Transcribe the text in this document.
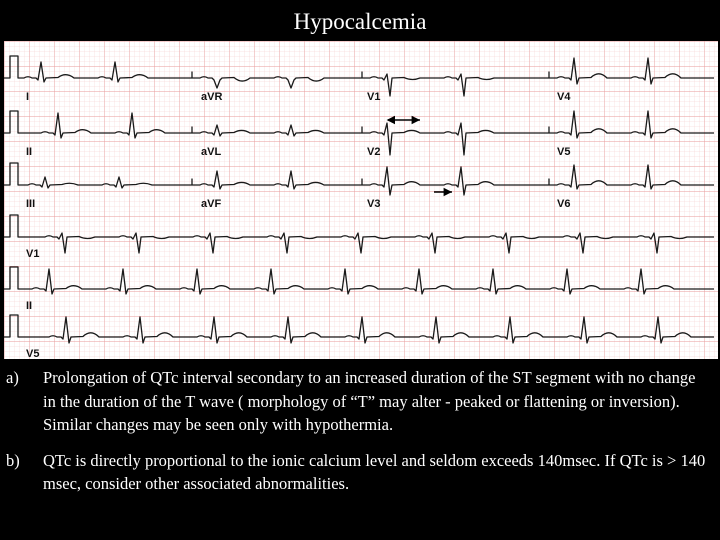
Hypocalcemia
I	aVR	V1	V4
II	aVL	V2	V5
III	aVF	V3	V6
V1
II
V5
a) Prolongation of QTc interval secondary to an increased duration of the ST segment with no change in the duration of the T wave ( morphology of “T” may alter - peaked or flattening or inversion). Similar changes may be seen only with hypothermia.
b) QTc is directly proportional to the ionic calcium level and seldom exceeds 140msec. If QTc is > 140 msec, consider other associated abnormalities.
